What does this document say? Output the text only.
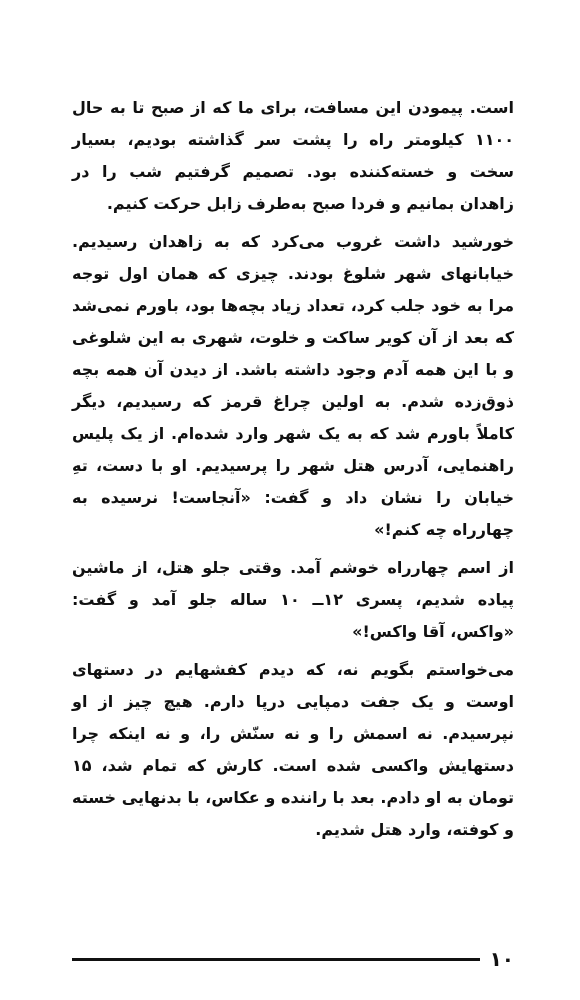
است. پیمودن این مسافت، برای ما که از صبح تا به حال ۱۱۰۰ کیلومتر راه را پشت سر گذاشته بودیم، بسیار سخت و خسته‌کننده بود. تصمیم گرفتیم شب را در زاهدان بمانیم و فردا صبح به‌طرف زابل حرکت کنیم.

خورشید داشت غروب می‌کرد که به زاهدان رسیدیم. خیابانهای شهر شلوغ بودند. چیزی که همان اول توجه مرا به خود جلب کرد، تعداد زیاد بچه‌ها بود، باورم نمی‌شد که بعد از آن کویر ساکت و خلوت، شهری به این شلوغی و با این همه آدم وجود داشته باشد. از دیدن آن همه بچه ذوق‌زده شدم. به اولین چراغ قرمز که رسیدیم، دیگر کاملاً باورم شد که به یک شهر وارد شده‌ام. از یک پلیس راهنمایی، آدرس هتل شهر را پرسیدیم. او با دست، تهِ خیابان را نشان داد و گفت: «آنجاست! نرسیده به چهارراه چه کنم!»

از اسم چهارراه خوشم آمد. وقتی جلو هتل، از ماشین پیاده شدیم، پسری ۱۲ــ ۱۰ ساله جلو آمد و گفت: «واکس، آقا واکس!»

می‌خواستم بگویم نه، که دیدم کفشهایم در دستهای اوست و یک جفت دمپایی درپا دارم. هیچ چیز از او نپرسیدم. نه اسمش را و نه سنّش را، و نه اینکه چرا دستهایش واکسی شده است. کارش که تمام شد، ۱۵ تومان به او دادم. بعد با راننده و عکاس، با بدنهایی خسته و کوفته، وارد هتل شدیم.

۱۰
